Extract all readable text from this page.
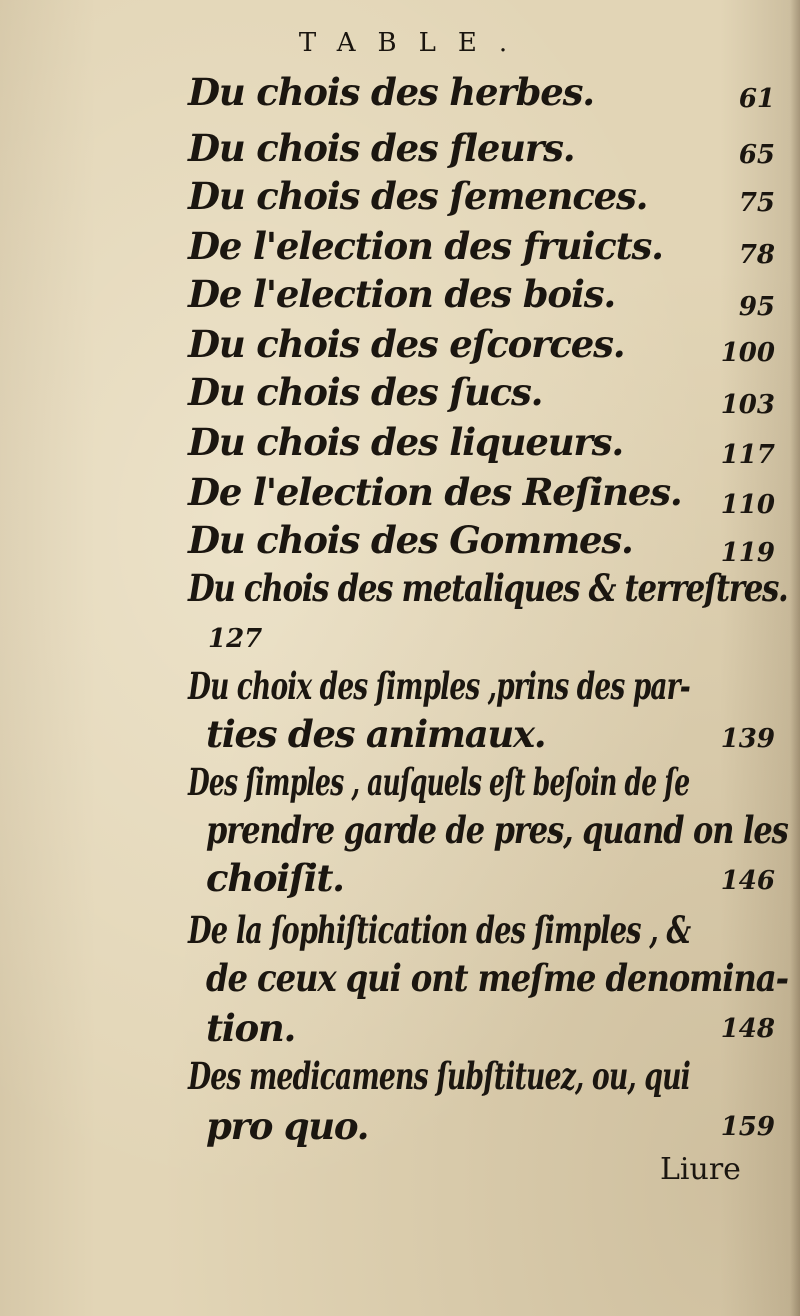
TABLE.
Du chois des herbes.	61
Du chois des fleurs.	65
Du chois des ſemences.	75
De l'election des fruicts.	78
De l'election des bois.	95
Du chois des eſcorces.	100
Du chois des ſucs.	103
Du chois des liqueurs.	117
De l'election des Reſines.	110
Du chois des Gommes.	119
Du chois des metaliques & terreſtres.
127
Du choix des ſimples ,prins des par-
ties des animaux.	139
Des ſimples , auſquels eſt beſoin de ſe
prendre garde de pres, quand on les
choiſit.	146
De la ſophiſtication des ſimples , &
de ceux qui ont meſme denomina-
tion.	148
Des medicamens ſubſtituez, ou, qui
pro quo.	159
Liure
